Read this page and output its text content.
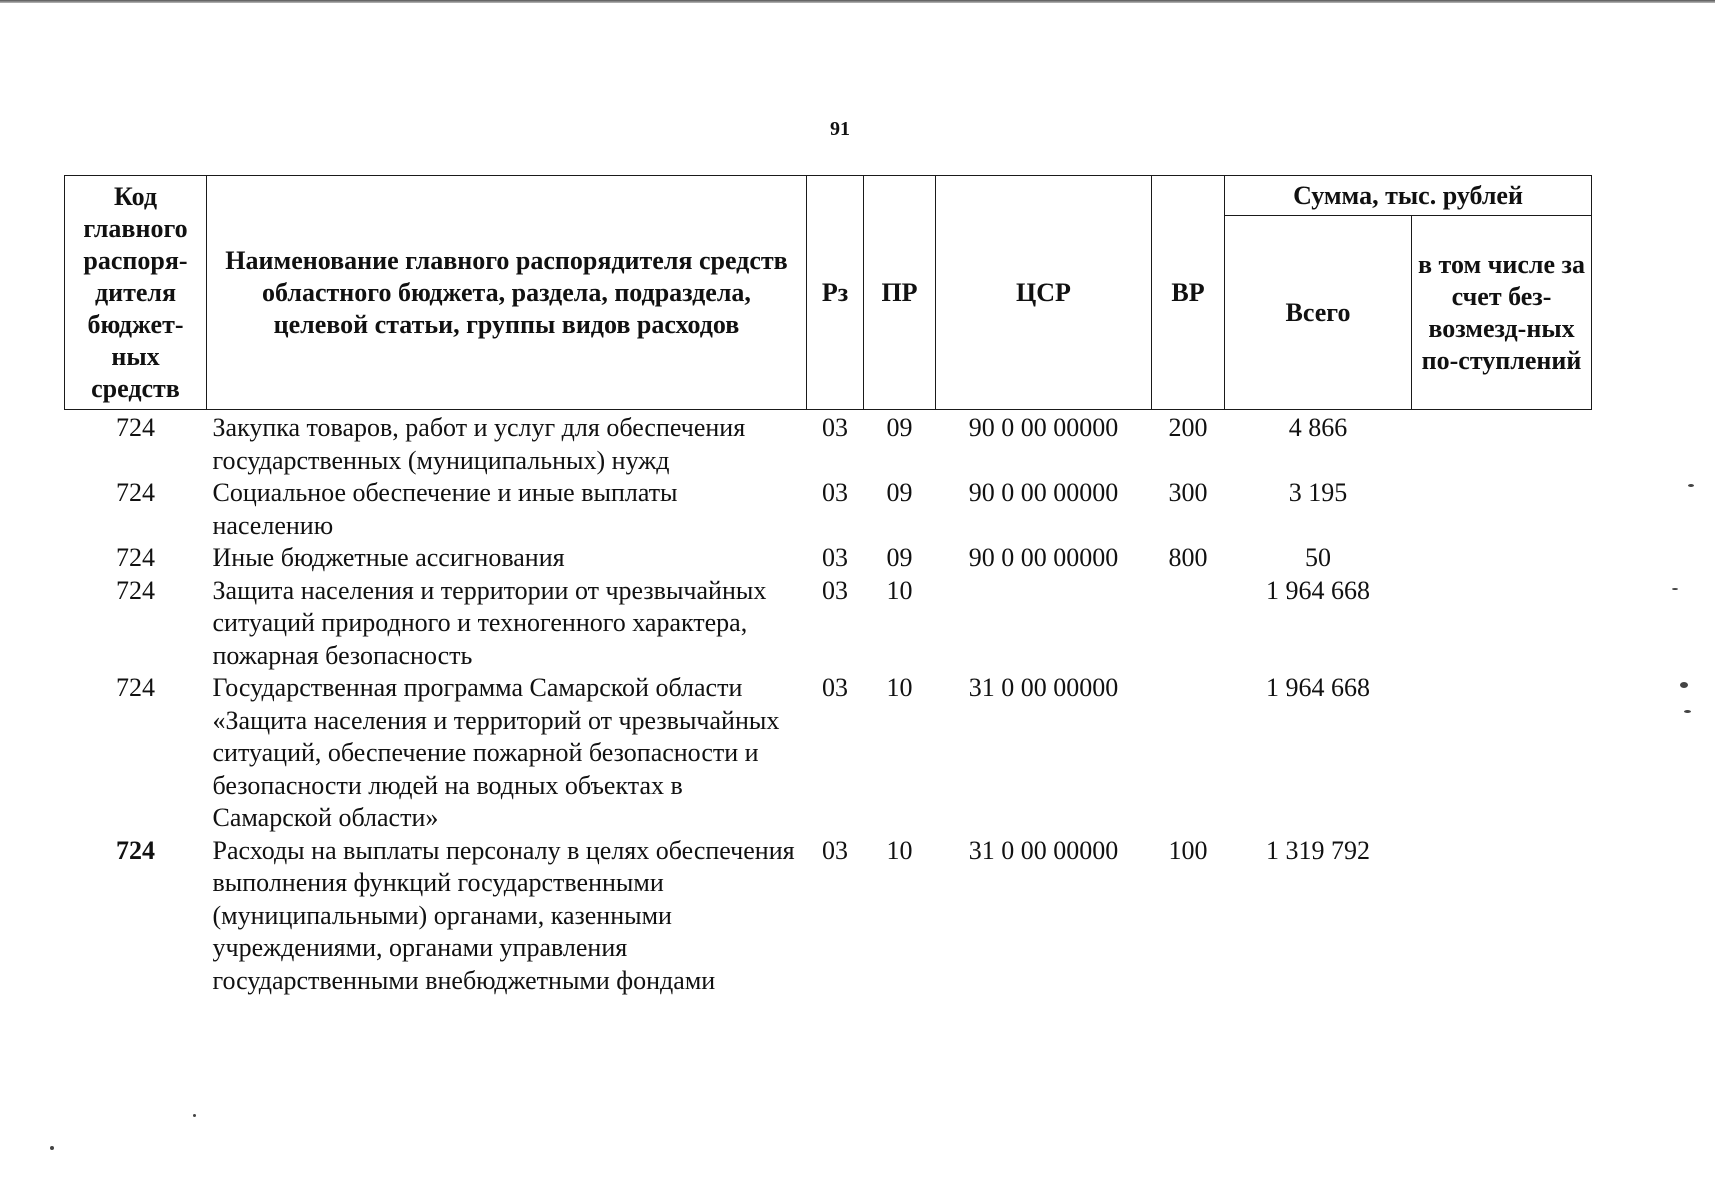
91
Код главного распоря-дителя бюджет-ных средств	Наименование главного распорядителя средств областного бюджета, раздела, подраздела, целевой статьи, группы видов расходов	Рз	ПР	ЦСР	ВР	Сумма, тыс. рублей	
						Всего	в том числе за счет без-возмезд-ных по-ступлений
724	Закупка товаров, работ и услуг для обеспечения государственных (муниципальных) нужд	03	09	90 0 00 00000	200	4 866	
724	Социальное обеспечение и иные выплаты населению	03	09	90 0 00 00000	300	3 195	
724	Иные бюджетные ассигнования	03	09	90 0 00 00000	800	50	
724	Защита населения и территории от чрезвычайных ситуаций природного и техногенного характера, пожарная безопасность	03	10			1 964 668	
724	Государственная программа Самарской области «Защита населения и территорий от чрезвычайных ситуаций, обеспечение пожарной безопасности и безопасности людей на водных объектах в Самарской области»	03	10	31 0 00 00000		1 964 668	
724	Расходы на выплаты персоналу в целях обеспечения выполнения функций государственными (муниципальными) органами, казенными учреждениями, органами управления государственными внебюджетными фондами	03	10	31 0 00 00000	100	1 319 792	
